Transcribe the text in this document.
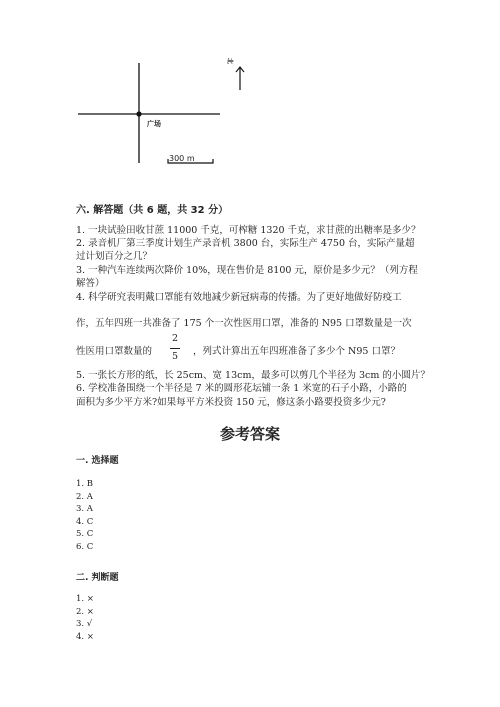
广场
300 m
北
六. 解答题（共 6 题，共 32 分）
1. 一块试验田收甘蔗 11000 千克，可榨糖 1320 千克，求甘蔗的出糖率是多少？
2. 录音机厂第三季度计划生产录音机 3800 台，实际生产 4750 台，实际产量超
过计划百分之几？
3. 一种汽车连续两次降价 10%，现在售价是 8100 元，原价是多少元？（列方程
解答）
4. 科学研究表明戴口罩能有效地减少新冠病毒的传播。为了更好地做好防疫工
作，五年四班一共准备了 175 个一次性医用口罩，准备的 N95 口罩数量是一次
性医用口罩数量的
2
5	，列式计算出五年四班准备了多少个 N95 口罩？
5. 一张长方形的纸，长 25cm、宽 13cm，最多可以剪几个半径为 3cm 的小圆片？
6. 学校准备围绕一个半径是 7 米的圆形花坛铺一条 1 米宽的石子小路，小路的
面积为多少平方米?如果每平方米投资 150 元，修这条小路要投资多少元?
参考答案
一. 选择题
1. B
2. A
3. A
4. C
5. C
6. C
二. 判断题
1. ×
2. ×
3. √
4. ×
